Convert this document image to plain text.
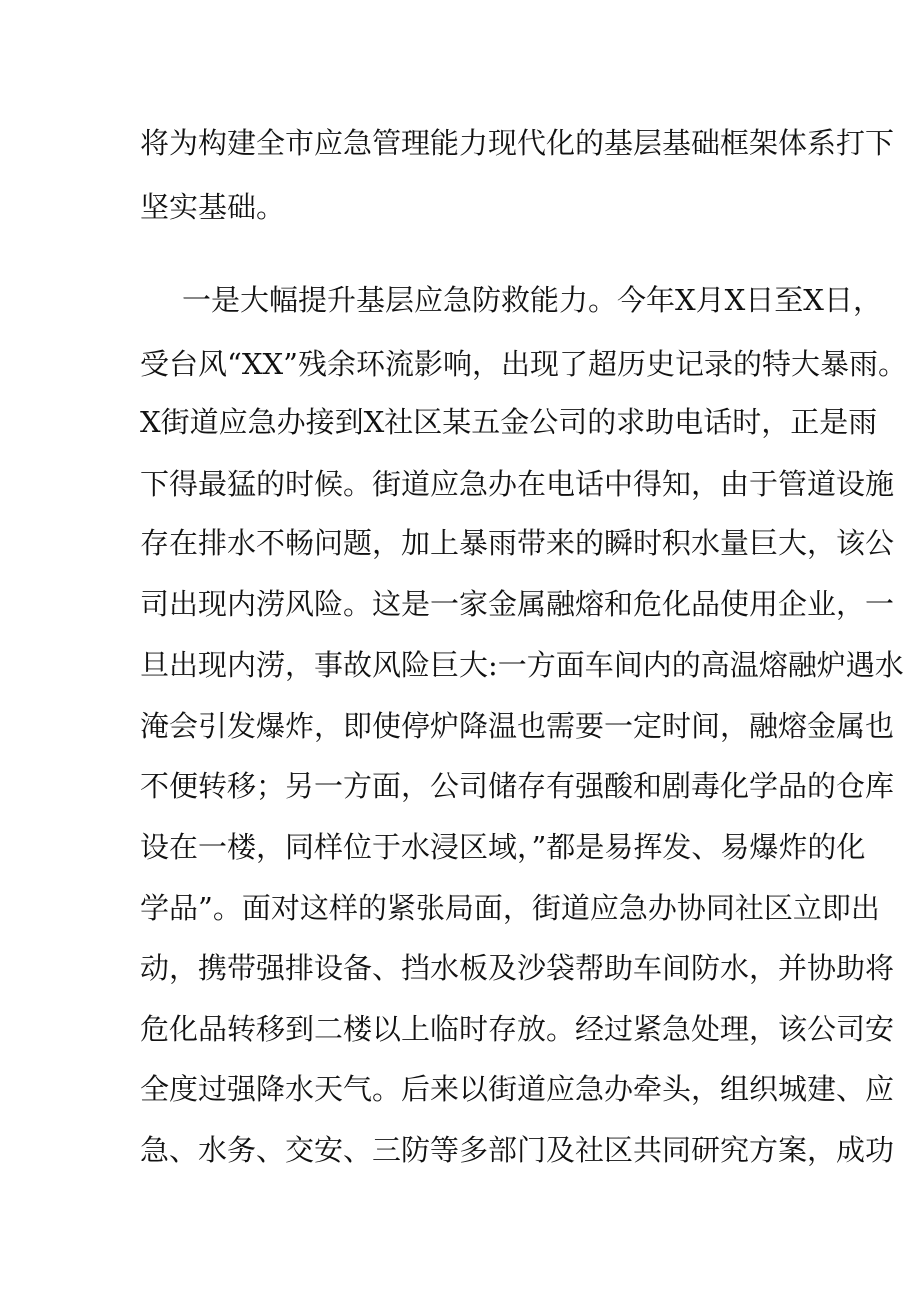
将为构建全市应急管理能力现代化的基层基础框架体系打下
坚实基础。
一是大幅提升基层应急防救能力。今年X月X日至X日，
受台风“XX”残余环流影响，出现了超历史记录的特大暴雨。
X街道应急办接到X社区某五金公司的求助电话时，正是雨
下得最猛的时候。街道应急办在电话中得知，由于管道设施
存在排水不畅问题，加上暴雨带来的瞬时积水量巨大，该公
司出现内涝风险。这是一家金属融熔和危化品使用企业，一
旦出现内涝，事故风险巨大:一方面车间内的高温熔融炉遇水
淹会引发爆炸，即使停炉降温也需要一定时间，融熔金属也
不便转移；另一方面，公司储存有强酸和剧毒化学品的仓库
设在一楼，同样位于水浸区域，”都是易挥发、易爆炸的化
学品”。面对这样的紧张局面，街道应急办协同社区立即出
动，携带强排设备、挡水板及沙袋帮助车间防水，并协助将
危化品转移到二楼以上临时存放。经过紧急处理，该公司安
全度过强降水天气。后来以街道应急办牵头，组织城建、应
急、水务、交安、三防等多部门及社区共同研究方案，成功
